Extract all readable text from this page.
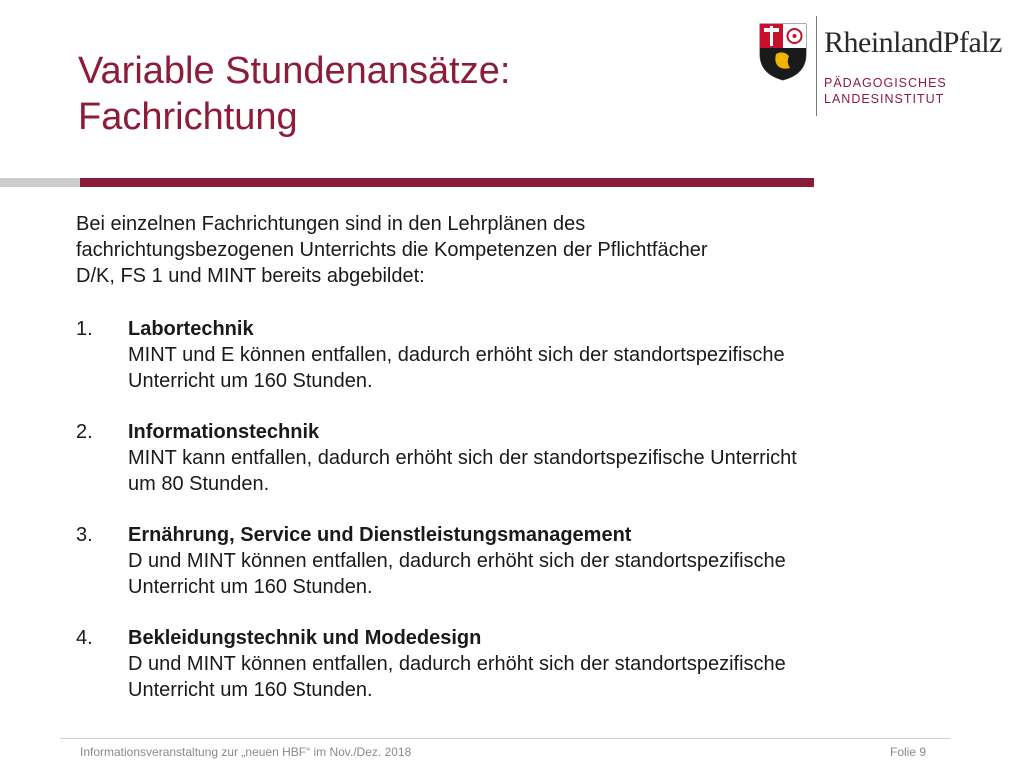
Variable Stundenansätze:
Fachrichtung
RheinlandPfalz
PÄDAGOGISCHES
LANDESINSTITUT
Bei einzelnen Fachrichtungen sind in den Lehrplänen des
fachrichtungsbezogenen Unterrichts die Kompetenzen der Pflichtfächer
D/K, FS 1 und MINT bereits abgebildet:
1. Labortechnik
MINT und E können entfallen, dadurch erhöht sich der standortspezifische
Unterricht um 160 Stunden.
2. Informationstechnik
MINT kann entfallen, dadurch erhöht sich der standortspezifische Unterricht
um 80 Stunden.
3. Ernährung, Service und Dienstleistungsmanagement
D und MINT können entfallen, dadurch erhöht sich der standortspezifische
Unterricht um 160 Stunden.
4. Bekleidungstechnik und Modedesign
D und MINT können entfallen, dadurch erhöht sich der standortspezifische
Unterricht um 160 Stunden.
Informationsveranstaltung zur „neuen HBF“ im Nov./Dez. 2018	Folie 9
